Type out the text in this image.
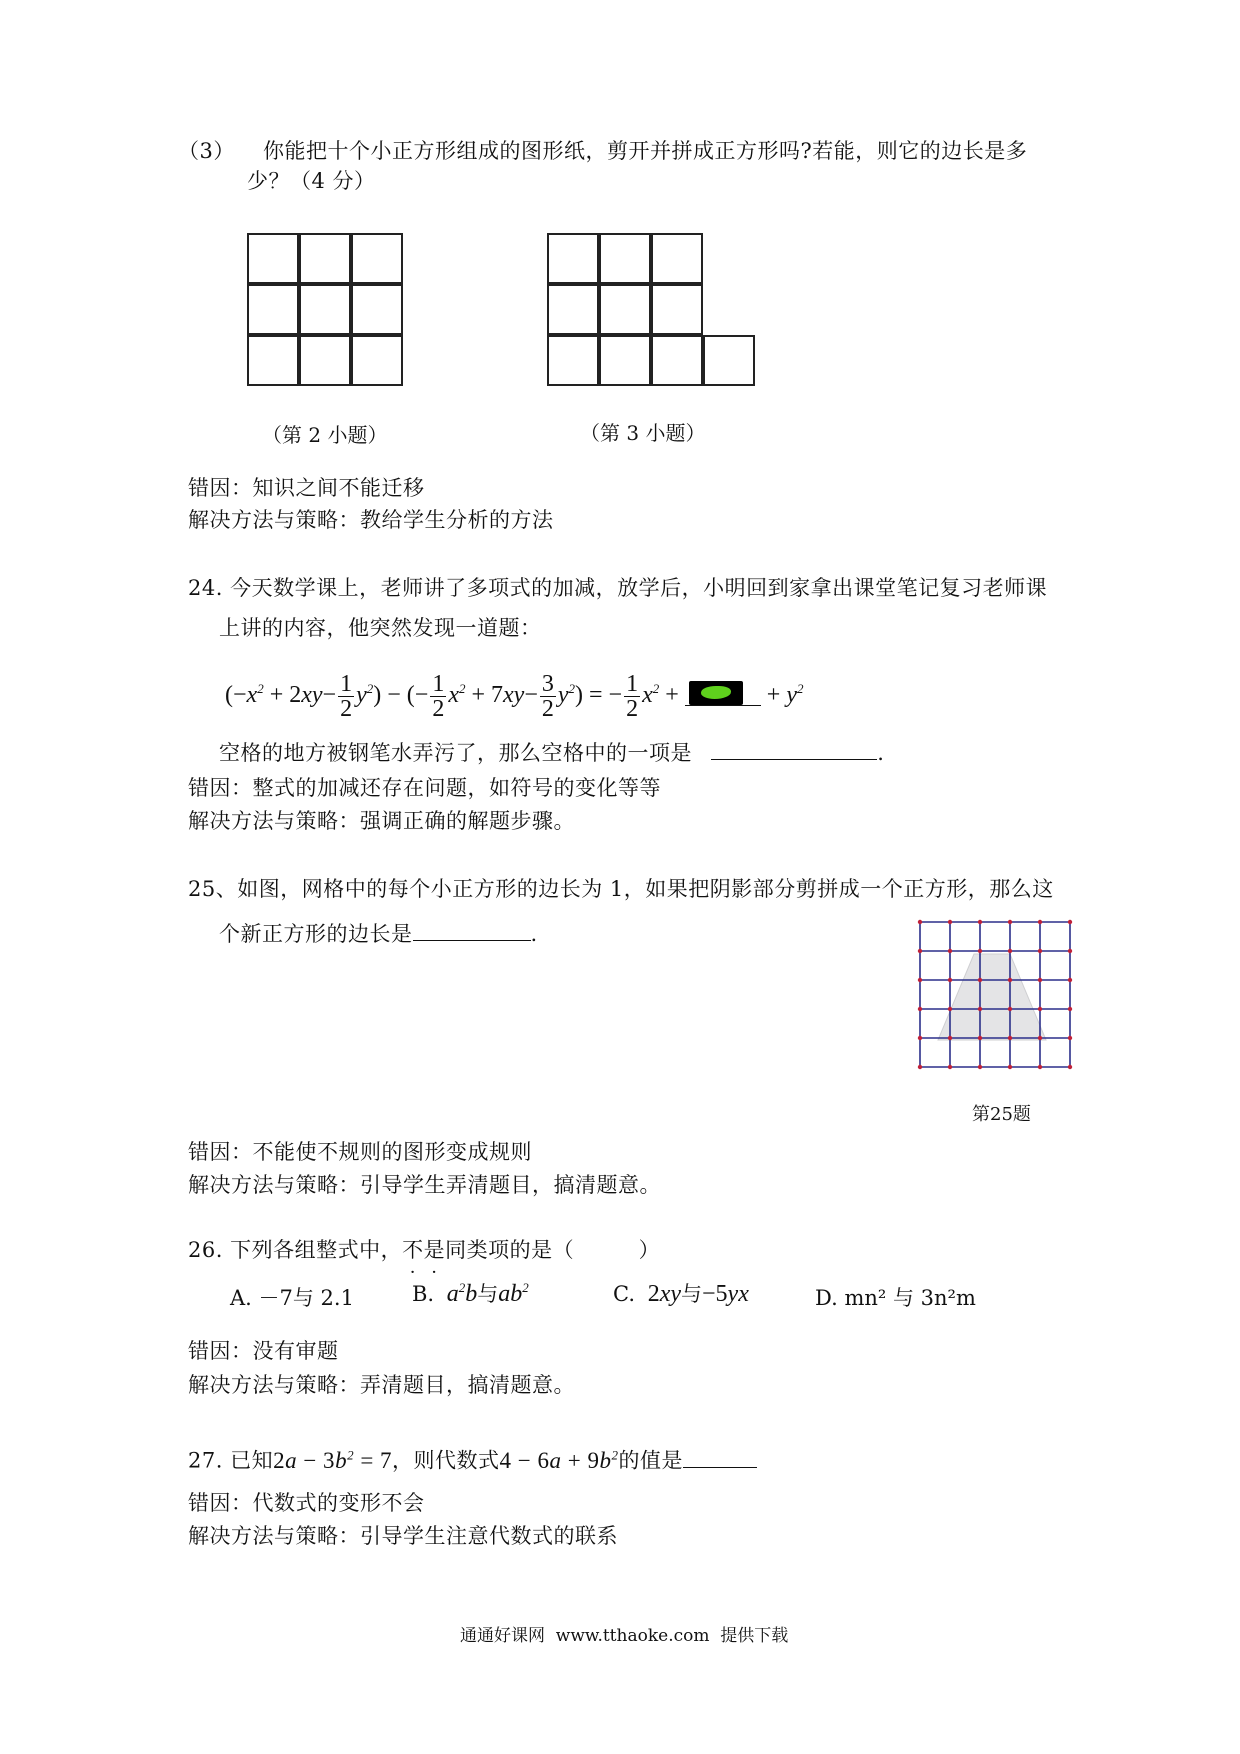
（3） 你能把十个小正方形组成的图形纸，剪开并拼成正方形吗?若能，则它的边长是多
少？（4 分）
（第 2 小题）	（第 3 小题）
错因：知识之间不能迁移
解决方法与策略：教给学生分析的方法
24. 今天数学课上，老师讲了多项式的加减，放学后，小明回到家拿出课堂笔记复习老师课
上讲的内容，他突然发现一道题：
$(-x^2 + 2xy- \frac{1}{2} y^2)$ − (− $\frac{1}{2} x^2 + 7xy- \frac{3}{2} y^2$) = − $\frac{1}{2} x^2$ +	+ $y^2$
空格的地方被钢笔水弄污了，那么空格中的一项是	.
错因：整式的加减还存在问题，如符号的变化等等
解决方法与策略：强调正确的解题步骤。
25、如图，网格中的每个小正方形的边长为 1，如果把阴影部分剪拼成一个正方形，那么这
个新正方形的边长是	.
第25题
错因：不能使不规则的图形变成规则
解决方法与策略：引导学生弄清题目，搞清题意。
26. 下列各组整式中，不是同类项的是（　　　）
A. －7与 2.1	B.  $a^2b$与$ab^2$	C. 2xy与−5yx	D. mn² 与 3n²m
错因：没有审题
解决方法与策略：弄清题目，搞清题意。
27. 已知$2a - 3b^2 = 7$，则代数式$4 - 6a + 9b^2$的值是
错因：代数式的变形不会
解决方法与策略：引导学生注意代数式的联系
通通好课网  www.tthaoke.com  提供下载
